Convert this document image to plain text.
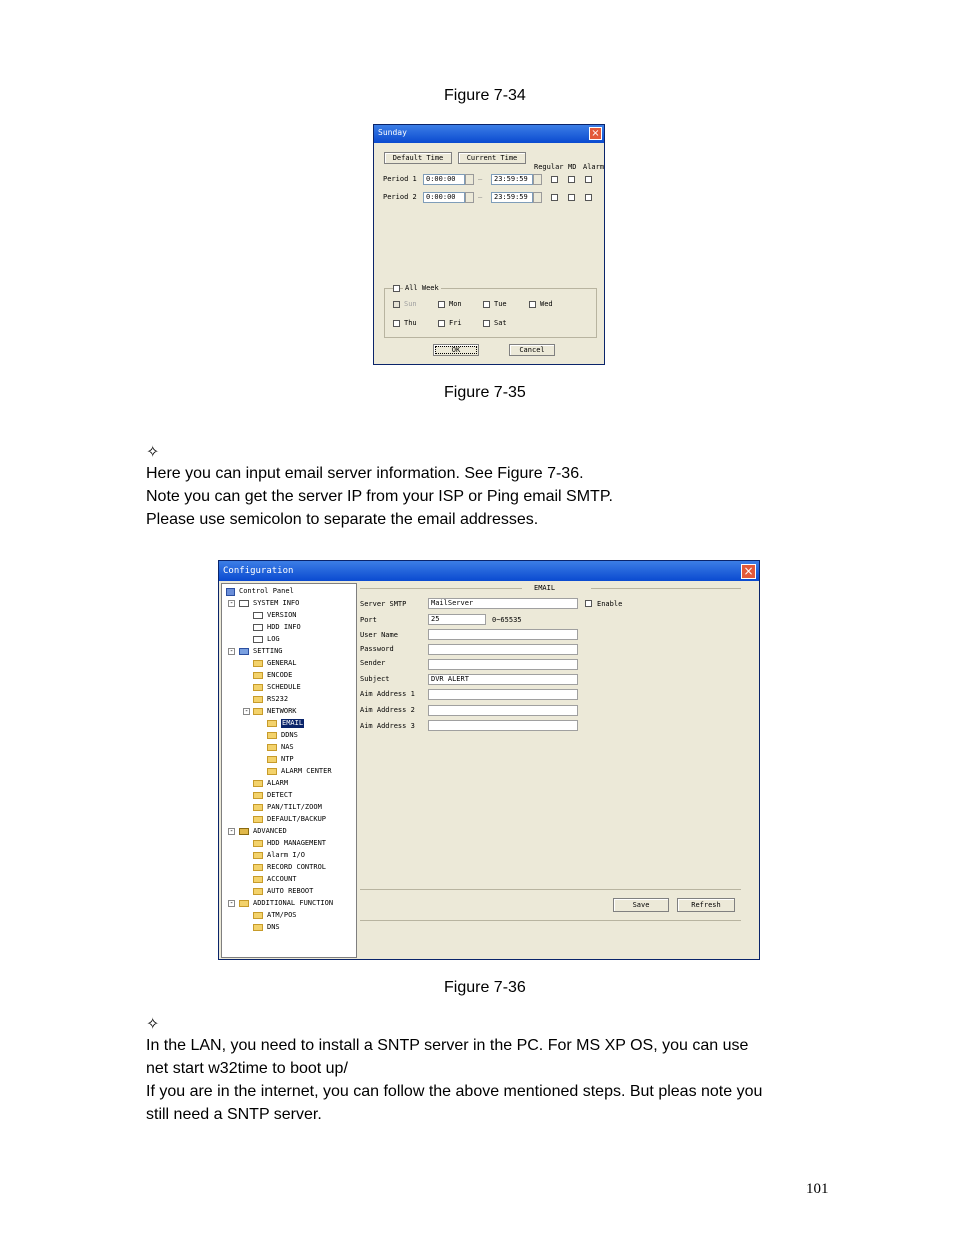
Figure 7-34
Sunday	×
Default Time	Current Time
Regular MD Alarm
Period 1	0:00:00	—	23:59:59
Period 2	0:00:00	—	23:59:59
All Week
Sun	Mon	Tue	Wed
Thu	Fri	Sat
OK	Cancel
Figure 7-35
✧
Here you can input email server information. See Figure 7-36.
Note you can get the server IP from your ISP or Ping email SMTP.
Please use semicolon to separate the email addresses.
Configuration	×
Control Panel
-	SYSTEM INFO
VERSION
HDD INFO
LOG
-	SETTING
GENERAL
ENCODE
SCHEDULE
RS232
-	NETWORK
EMAIL
DDNS
NAS
NTP
ALARM CENTER
ALARM
DETECT
PAN/TILT/ZOOM
DEFAULT/BACKUP
-	ADVANCED
HDD MANAGEMENT
Alarm I/O
RECORD CONTROL
ACCOUNT
AUTO REBOOT
-	ADDITIONAL FUNCTION
ATM/POS
DNS
EMAIL
Server SMTP	MailServer	Enable
Port	25	0~65535
User Name
Password
Sender
Subject	DVR ALERT
Aim Address 1
Aim Address 2
Aim Address 3
Save	Refresh
Figure 7-36
✧
In the LAN, you need to install a SNTP server in the PC. For MS XP OS, you can use
net start w32time to boot up/
If you are in the internet, you can follow the above mentioned steps. But pleas note you
still need a SNTP server.
101
